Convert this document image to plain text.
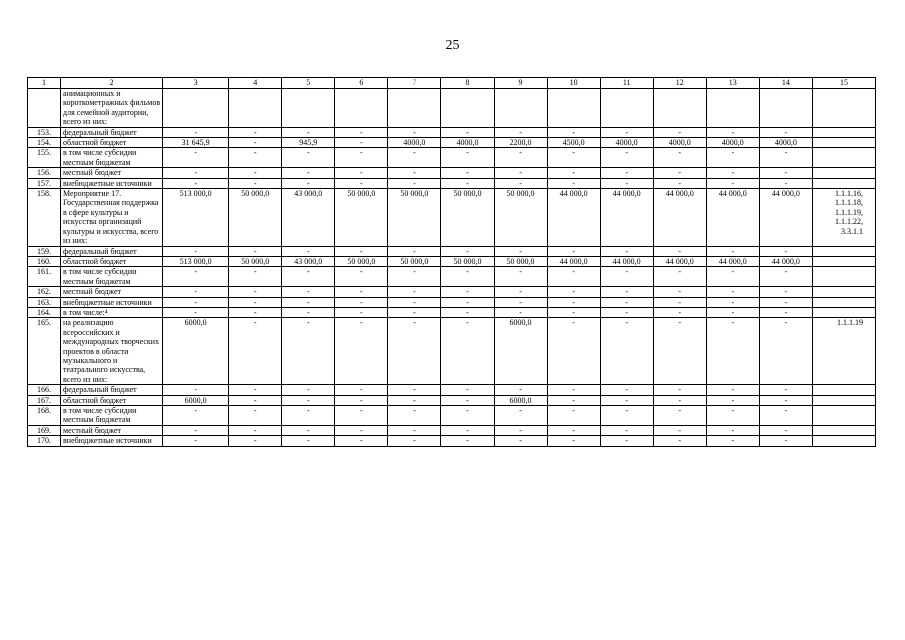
25
1	2	3	4	5	6	7	8	9	10	11	12	13	14	15
	анимационных и короткометражных фильмов для семейной аудитории, всего из них:													
153.	федеральный бюджет	-	-	-	-	-	-	-	-	-	-	-	-	
154.	областной бюджет	31 645,9	-	945,9	-	4000,0	4000,0	2200,0	4500,0	4000,0	4000,0	4000,0	4000,0	
155.	в том числе субсидии местным бюджетам	-	-	-	-	-	-	-	-	-	-	-	-	
156.	местный бюджет	-	-	-	-	-	-	-	-	-	-	-	-	
157.	внебюджетные источники	-	-	-	-	-	-	-	-	-	-	-	-	
158.	Мероприятие 17. Государственная поддержка в сфере культуры и искусства организаций культуры и искусства, всего из них:	513 000,0	50 000,0	43 000,0	50 000,0	50 000,0	50 000,0	50 000,0	44 000,0	44 000,0	44 000,0	44 000,0	44 000,0	1.1.1.16, 1.1.1.18, 1.1.1.19, 1.1.1.22, 3.3.1.1
159.	федеральный бюджет	-	-	-	-	-	-	-	-	-	-	-	-	
160.	областной бюджет	513 000,0	50 000,0	43 000,0	50 000,0	50 000,0	50 000,0	50 000,0	44 000,0	44 000,0	44 000,0	44 000,0	44 000,0	
161.	в том числе субсидии местным бюджетам	-	-	-	-	-	-	-	-	-	-	-	-	
162.	местный бюджет	-	-	-	-	-	-	-	-	-	-	-	-	
163.	внебюджетные источники	-	-	-	-	-	-	-	-	-	-	-	-	
164.	в том числе:⁴	-	-	-	-	-	-	-	-	-	-	-	-	
165.	на реализацию всероссийских и международных творческих проектов в области музыкального и театрального искусства, всего из них:	6000,0	-	-	-	-	-	6000,0	-	-	-	-	-	1.1.1.19
166.	федеральный бюджет	-	-	-	-	-	-	-	-	-	-	-	-	
167.	областной бюджет	6000,0	-	-	-	-	-	6000,0	-	-	-	-	-	
168.	в том числе субсидии местным бюджетам	-	-	-	-	-	-	-	-	-	-	-	-	
169.	местный бюджет	-	-	-	-	-	-	-	-	-	-	-	-	
170.	внебюджетные источники	-	-	-	-	-	-	-	-	-	-	-	-	
